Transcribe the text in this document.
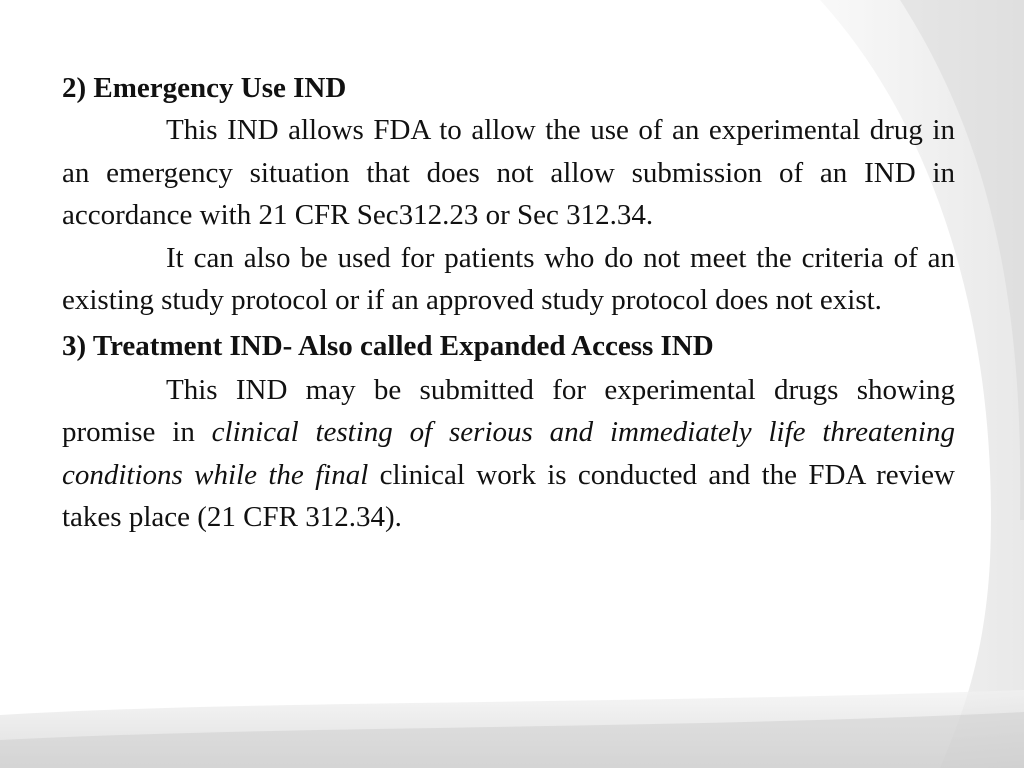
2) Emergency Use IND

This IND allows FDA to allow the use of an experimental drug in an emergency situation that does not allow submission of an IND in accordance with 21 CFR Sec312.23 or Sec 312.34.

It can also be used for patients who do not meet the criteria of an existing study protocol or if an approved study protocol does not exist.

3) Treatment IND- Also called Expanded Access IND

This IND may be submitted for experimental drugs showing promise in clinical testing of serious and immediately life threatening conditions while the final clinical work is conducted and the FDA review takes place (21 CFR 312.34).
